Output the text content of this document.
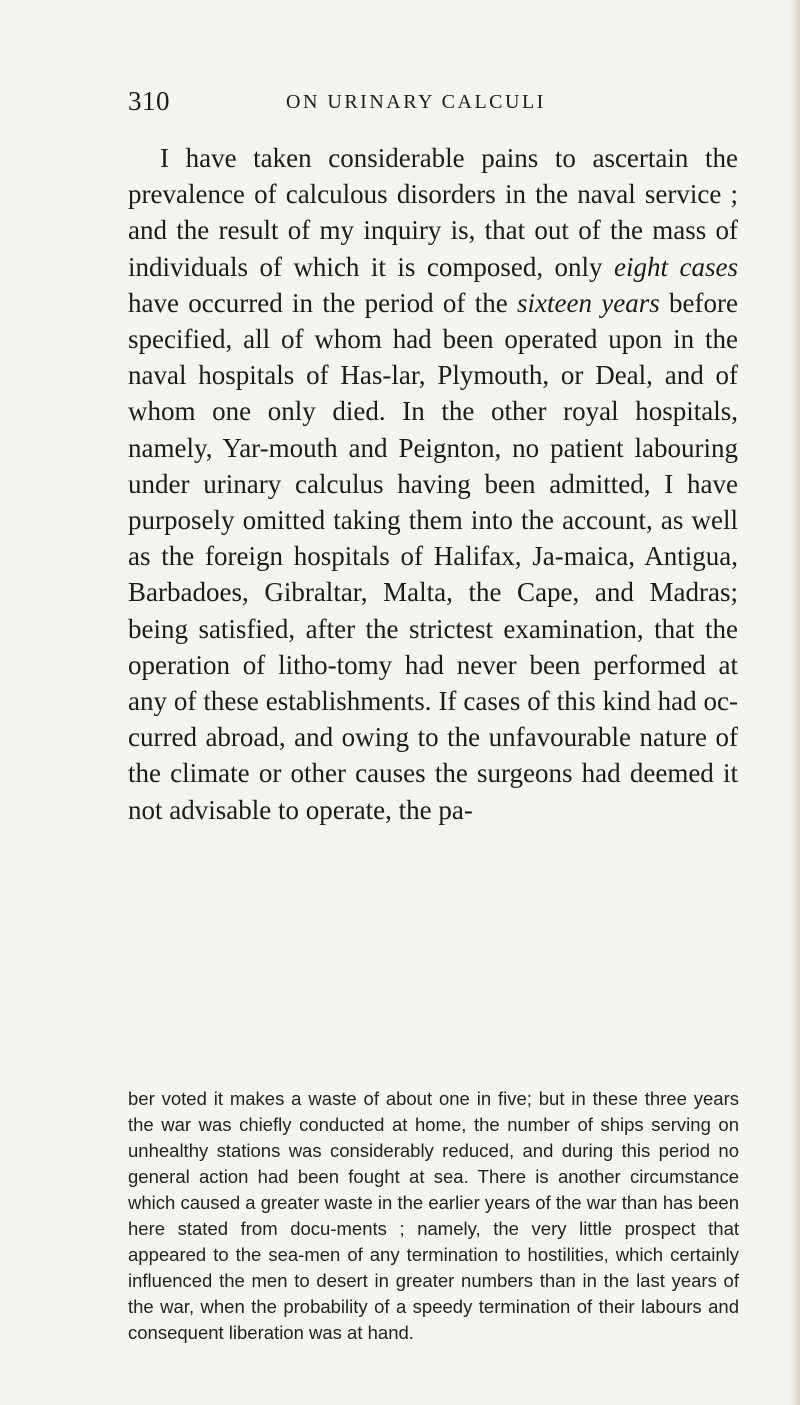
310	ON URINARY CALCULI

I have taken considerable pains to ascertain the prevalence of calculous disorders in the naval service ; and the result of my inquiry is, that out of the mass of individuals of which it is composed, only eight cases have occurred in the period of the sixteen years before specified, all of whom had been operated upon in the naval hospitals of Has-lar, Plymouth, or Deal, and of whom one only died. In the other royal hospitals, namely, Yar-mouth and Peignton, no patient labouring under urinary calculus having been admitted, I have purposely omitted taking them into the account, as well as the foreign hospitals of Halifax, Ja-maica, Antigua, Barbadoes, Gibraltar, Malta, the Cape, and Madras; being satisfied, after the strictest examination, that the operation of litho-tomy had never been performed at any of these establishments. If cases of this kind had oc-curred abroad, and owing to the unfavourable nature of the climate or other causes the surgeons had deemed it not advisable to operate, the pa-

ber voted it makes a waste of about one in five; but in these three years the war was chiefly conducted at home, the number of ships serving on unhealthy stations was considerably reduced, and during this period no general action had been fought at sea. There is another circumstance which caused a greater waste in the earlier years of the war than has been here stated from docu-ments ; namely, the very little prospect that appeared to the sea-men of any termination to hostilities, which certainly influenced the men to desert in greater numbers than in the last years of the war, when the probability of a speedy termination of their labours and consequent liberation was at hand.
